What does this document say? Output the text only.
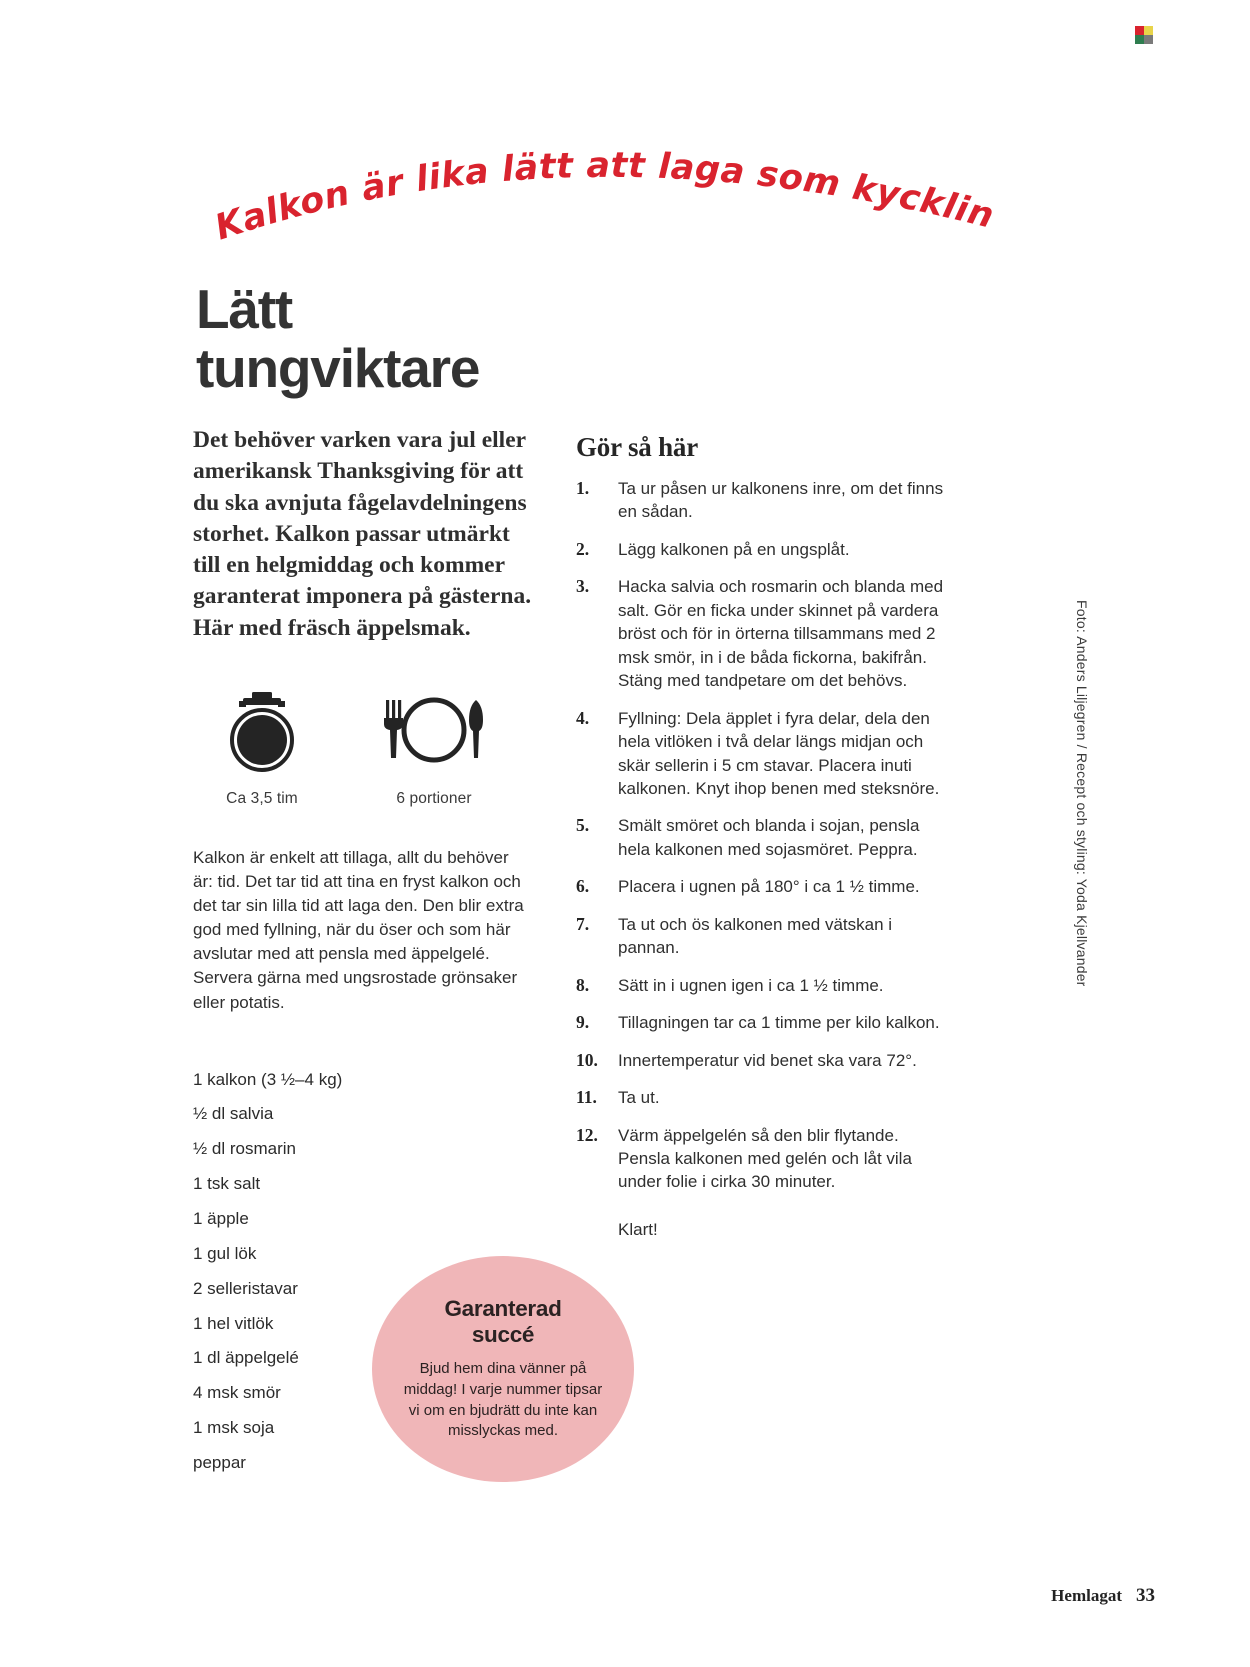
Kalkon är lika lätt att laga som kyckling. Den är bara större!
Lätt
tungviktare

Det behöver varken vara jul eller amerikansk Thanksgiving för att du ska avnjuta fågelavdelningens storhet. Kalkon passar utmärkt till en helgmiddag och kommer garanterat imponera på gästerna. Här med fräsch äppelsmak.

Ca 3,5 tim	6 portioner

Kalkon är enkelt att tillaga, allt du behöver är: tid. Det tar tid att tina en fryst kalkon och det tar sin lilla tid att laga den. Den blir extra god med fyllning, när du öser och som här avslutar med att pensla med äppelgelé. Servera gärna med ungsrostade grönsaker eller potatis.

1 kalkon (3 ½–4 kg)
½ dl salvia
½ dl rosmarin
1 tsk salt
1 äpple
1 gul lök
2 selleristavar
1 hel vitlök
1 dl äppelgelé
4 msk smör
1 msk soja
peppar
Gör så här
1.	Ta ur påsen ur kalkonens inre, om det finns en sådan.
2.	Lägg kalkonen på en ungsplåt.
3.	Hacka salvia och rosmarin och blanda med salt. Gör en ficka under skinnet på vardera bröst och för in örterna tillsammans med 2 msk smör, in i de båda fickorna, bakifrån. Stäng med tandpetare om det behövs.
4.	Fyllning: Dela äpplet i fyra delar, dela den hela vitlöken i två delar längs midjan och skär sellerin i 5 cm stavar. Placera inuti kalkonen. Knyt ihop benen med steksnöre.
5.	Smält smöret och blanda i sojan, pensla hela kalkonen med sojasmöret. Peppra.
6.	Placera i ugnen på 180° i ca 1 ½ timme.
7.	Ta ut och ös kalkonen med vätskan i pannan.
8.	Sätt in i ugnen igen i ca 1 ½ timme.
9.	Tillagningen tar ca 1 timme per kilo kalkon.
10.	Innertemperatur vid benet ska vara 72°.
11.	Ta ut.
12.	Värm äppelgelén så den blir flytande. Pensla kalkonen med gelén och låt vila under folie i cirka 30 minuter.

Klart!

Garanterad
succé
Bjud hem dina vänner på middag! I varje nummer tipsar vi om en bjudrätt du inte kan misslyckas med.
Foto: Anders Liljegren / Recept och styling: Yoda Kjellvander
Hemlagat 33
